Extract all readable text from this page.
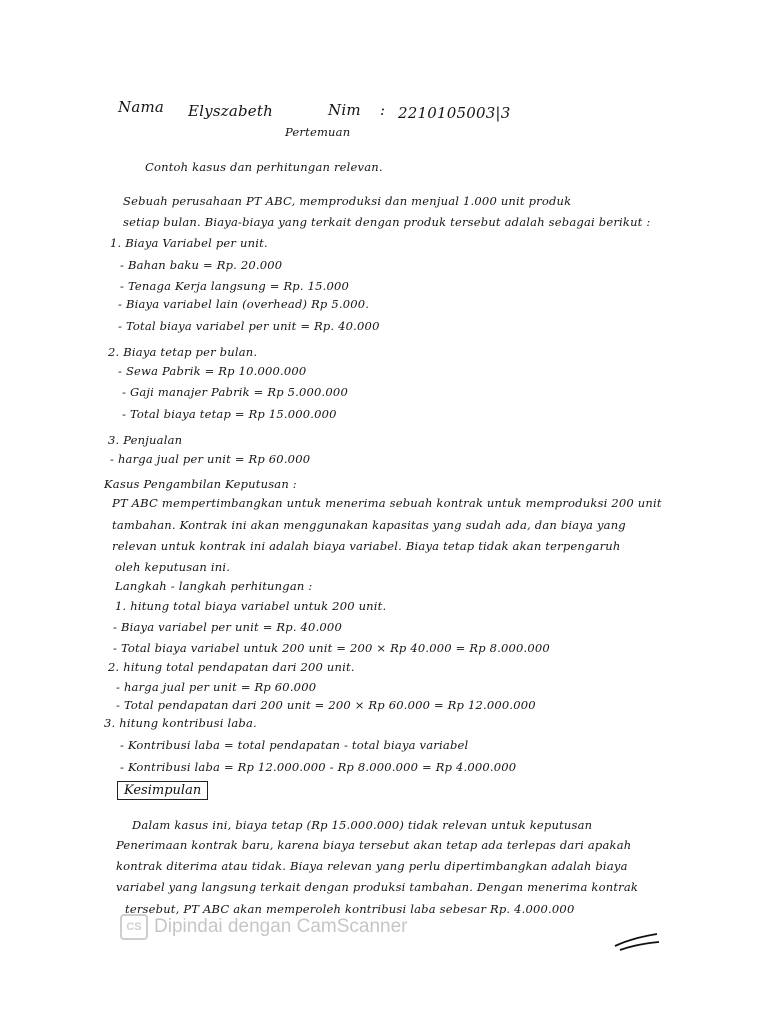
Nama Elyszabeth	Nim : 2210105003|3
Pertemuan
Contoh kasus dan perhitungan relevan.
Sebuah perusahaan PT ABC, memproduksi dan menjual 1.000 unit produk
setiap bulan. Biaya-biaya yang terkait dengan produk tersebut adalah sebagai berikut :
1. Biaya Variabel per unit.
- Bahan baku = Rp. 20.000
- Tenaga Kerja langsung = Rp. 15.000
- Biaya variabel lain (overhead) Rp 5.000.
- Total biaya variabel per unit = Rp. 40.000
2. Biaya tetap per bulan.
- Sewa Pabrik = Rp 10.000.000
- Gaji manajer Pabrik = Rp 5.000.000
- Total biaya tetap = Rp 15.000.000
3. Penjualan
- harga jual per unit = Rp 60.000
Kasus Pengambilan Keputusan :
PT ABC mempertimbangkan untuk menerima sebuah kontrak untuk memproduksi 200 unit
tambahan. Kontrak ini akan menggunakan kapasitas yang sudah ada, dan biaya yang
relevan untuk kontrak ini adalah biaya variabel. Biaya tetap tidak akan terpengaruh
oleh keputusan ini.
Langkah - langkah perhitungan :
1. hitung total biaya variabel untuk 200 unit.
- Biaya variabel per unit = Rp. 40.000
- Total biaya variabel untuk 200 unit = 200 × Rp 40.000 = Rp 8.000.000
2. hitung total pendapatan dari 200 unit.
- harga jual per unit = Rp 60.000
- Total pendapatan dari 200 unit = 200 × Rp 60.000 = Rp 12.000.000
3. hitung kontribusi laba.
- Kontribusi laba = total pendapatan - total biaya variabel
- Kontribusi laba = Rp 12.000.000 - Rp 8.000.000 = Rp 4.000.000
Kesimpulan
Dalam kasus ini, biaya tetap (Rp 15.000.000) tidak relevan untuk keputusan
Penerimaan kontrak baru, karena biaya tersebut akan tetap ada terlepas dari apakah
kontrak diterima atau tidak. Biaya relevan yang perlu dipertimbangkan adalah biaya
variabel yang langsung terkait dengan produksi tambahan. Dengan menerima kontrak
tersebut, PT ABC akan memperoleh kontribusi laba sebesar Rp. 4.000.000
CS Dipindai dengan CamScanner
